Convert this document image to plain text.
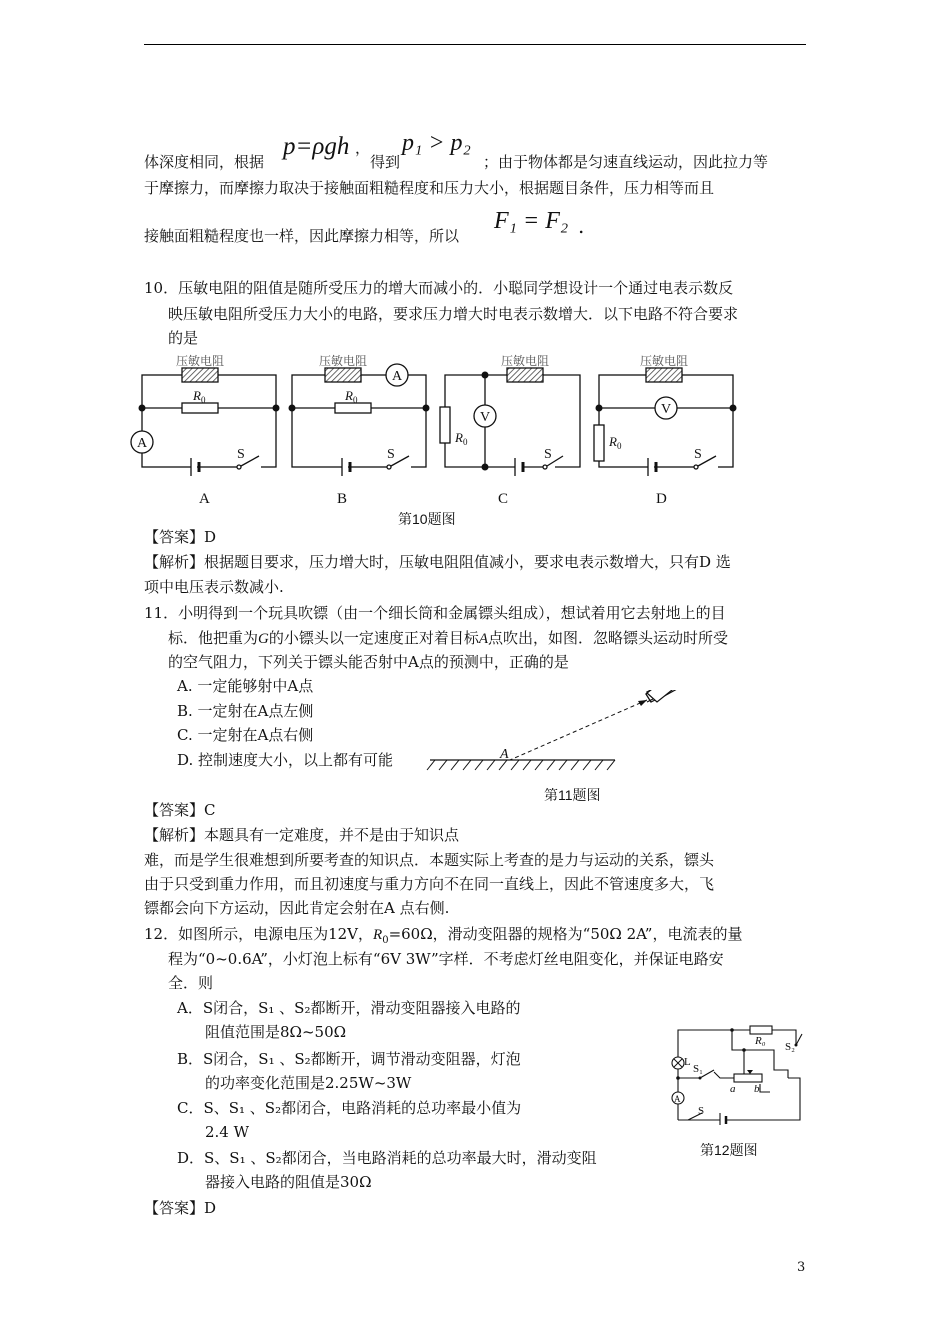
体深度相同，根据
p=ρgh ，
得到
p₁ > p₂
；由于物体都是匀速直线运动，因此拉力等
于摩擦力，而摩擦力取决于接触面粗糙程度和压力大小，根据题目条件，压力相等而且
接触面粗糙程度也一样，因此摩擦力相等，所以
F₁ = F₂ .
10．压敏电阻的阻值是随所受压力的增大而减小的．小聪同学想设计一个通过电表示数反
映压敏电阻所受压力大小的电路，要求压力增大时电表示数增大．以下电路不符合要求
的是
压敏电阻	压敏电阻	压敏电阻	压敏电阻
$R_0$	$R_0$
$R_0$	$R_0$
S	S	S	S
A
A
V
V
A	B	C	D
第10题图
【答案】D
【解析】根据题目要求，压力增大时，压敏电阻阻值减小，要求电表示数增大，只有D 选
项中电压表示数减小.
11．小明得到一个玩具吹镖（由一个细长筒和金属镖头组成），想试着用它去射地上的目
标．他把重为G的小镖头以一定速度正对着目标A点吹出，如图．忽略镖头运动时所受
的空气阻力，下列关于镖头能否射中A点的预测中，正确的是
A. 一定能够射中A点
B. 一定射在A点左侧
C. 一定射在A点右侧
D. 控制速度大小，以上都有可能	A
第11题图
【答案】C
【解析】本题具有一定难度，并不是由于知识点
难，而是学生很难想到所要考查的知识点．本题实际上考查的是力与运动的关系，镖头
由于只受到重力作用，而且初速度与重力方向不在同一直线上，因此不管速度多大，飞
镖都会向下方运动，因此肯定会射在A 点右侧.
12．如图所示，电源电压为12V，$R_0=60\Omega$，滑动变阻器的规格为“50Ω 2A”，电流表的量
程为“0~0.6A”，小灯泡上标有“6V 3W”字样．不考虑灯丝电阻变化，并保证电路安
全．则
A．S闭合，S₁ 、S₂都断开，滑动变阻器接入电路的
阻值范围是8Ω~50Ω
B．S闭合，S₁ 、S₂都断开，调节滑动变阻器，灯泡
的功率变化范围是2.25W~3W
C．S、S₁ 、S₂都闭合，电路消耗的总功率最小值为
2.4 W
D．S、S₁ 、S₂都闭合，当电路消耗的总功率最大时，滑动变阻
器接入电路的阻值是30Ω
L
R₀ S₂
S₁
S
a b
A
第12题图
【答案】D
3
